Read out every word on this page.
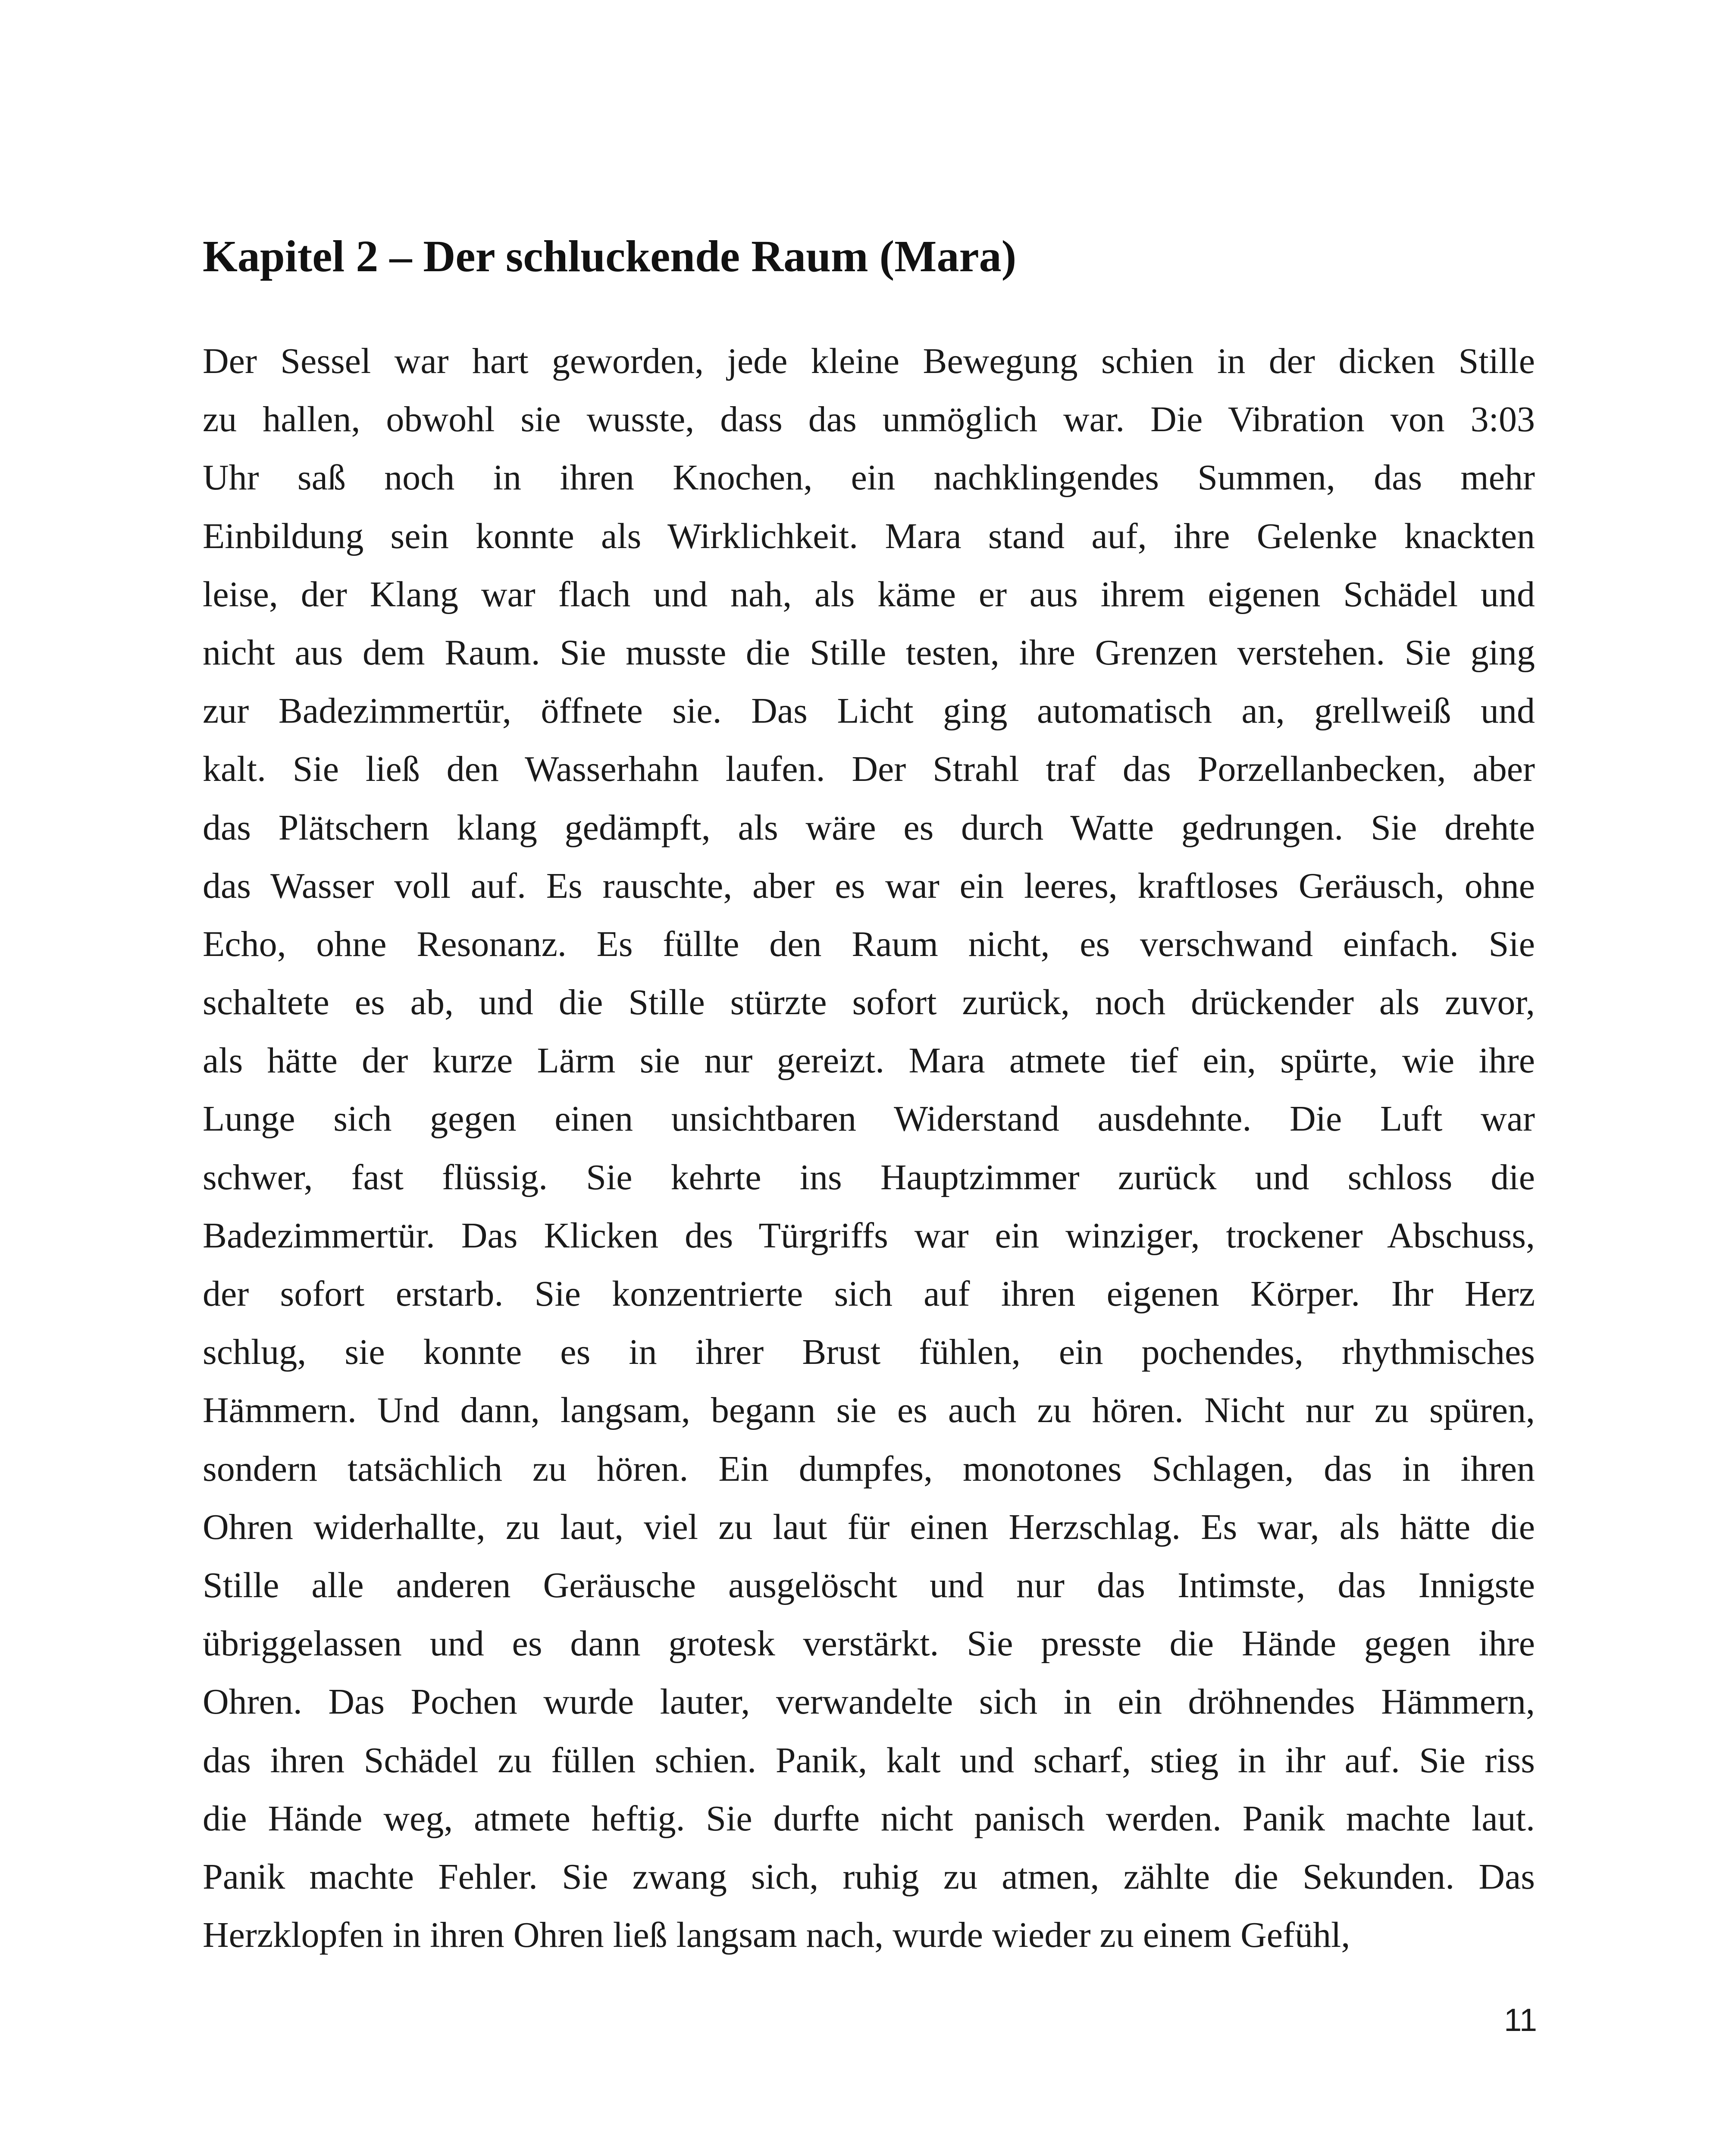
Kapitel 2 – Der schluckende Raum (Mara)
Der Sessel war hart geworden, jede kleine Bewegung schien in der dicken Stille
zu hallen, obwohl sie wusste, dass das unmöglich war. Die Vibration von 3:03
Uhr saß noch in ihren Knochen, ein nachklingendes Summen, das mehr
Einbildung sein konnte als Wirklichkeit. Mara stand auf, ihre Gelenke knackten
leise, der Klang war flach und nah, als käme er aus ihrem eigenen Schädel und
nicht aus dem Raum. Sie musste die Stille testen, ihre Grenzen verstehen. Sie ging
zur Badezimmertür, öffnete sie. Das Licht ging automatisch an, grellweiß und
kalt. Sie ließ den Wasserhahn laufen. Der Strahl traf das Porzellanbecken, aber
das Plätschern klang gedämpft, als wäre es durch Watte gedrungen. Sie drehte
das Wasser voll auf. Es rauschte, aber es war ein leeres, kraftloses Geräusch, ohne
Echo, ohne Resonanz. Es füllte den Raum nicht, es verschwand einfach. Sie
schaltete es ab, und die Stille stürzte sofort zurück, noch drückender als zuvor,
als hätte der kurze Lärm sie nur gereizt. Mara atmete tief ein, spürte, wie ihre
Lunge sich gegen einen unsichtbaren Widerstand ausdehnte. Die Luft war
schwer, fast flüssig. Sie kehrte ins Hauptzimmer zurück und schloss die
Badezimmertür. Das Klicken des Türgriffs war ein winziger, trockener Abschuss,
der sofort erstarb. Sie konzentrierte sich auf ihren eigenen Körper. Ihr Herz
schlug, sie konnte es in ihrer Brust fühlen, ein pochendes, rhythmisches
Hämmern. Und dann, langsam, begann sie es auch zu hören. Nicht nur zu spüren,
sondern tatsächlich zu hören. Ein dumpfes, monotones Schlagen, das in ihren
Ohren widerhallte, zu laut, viel zu laut für einen Herzschlag. Es war, als hätte die
Stille alle anderen Geräusche ausgelöscht und nur das Intimste, das Innigste
übriggelassen und es dann grotesk verstärkt. Sie presste die Hände gegen ihre
Ohren. Das Pochen wurde lauter, verwandelte sich in ein dröhnendes Hämmern,
das ihren Schädel zu füllen schien. Panik, kalt und scharf, stieg in ihr auf. Sie riss
die Hände weg, atmete heftig. Sie durfte nicht panisch werden. Panik machte laut.
Panik machte Fehler. Sie zwang sich, ruhig zu atmen, zählte die Sekunden. Das
Herzklopfen in ihren Ohren ließ langsam nach, wurde wieder zu einem Gefühl,
11
